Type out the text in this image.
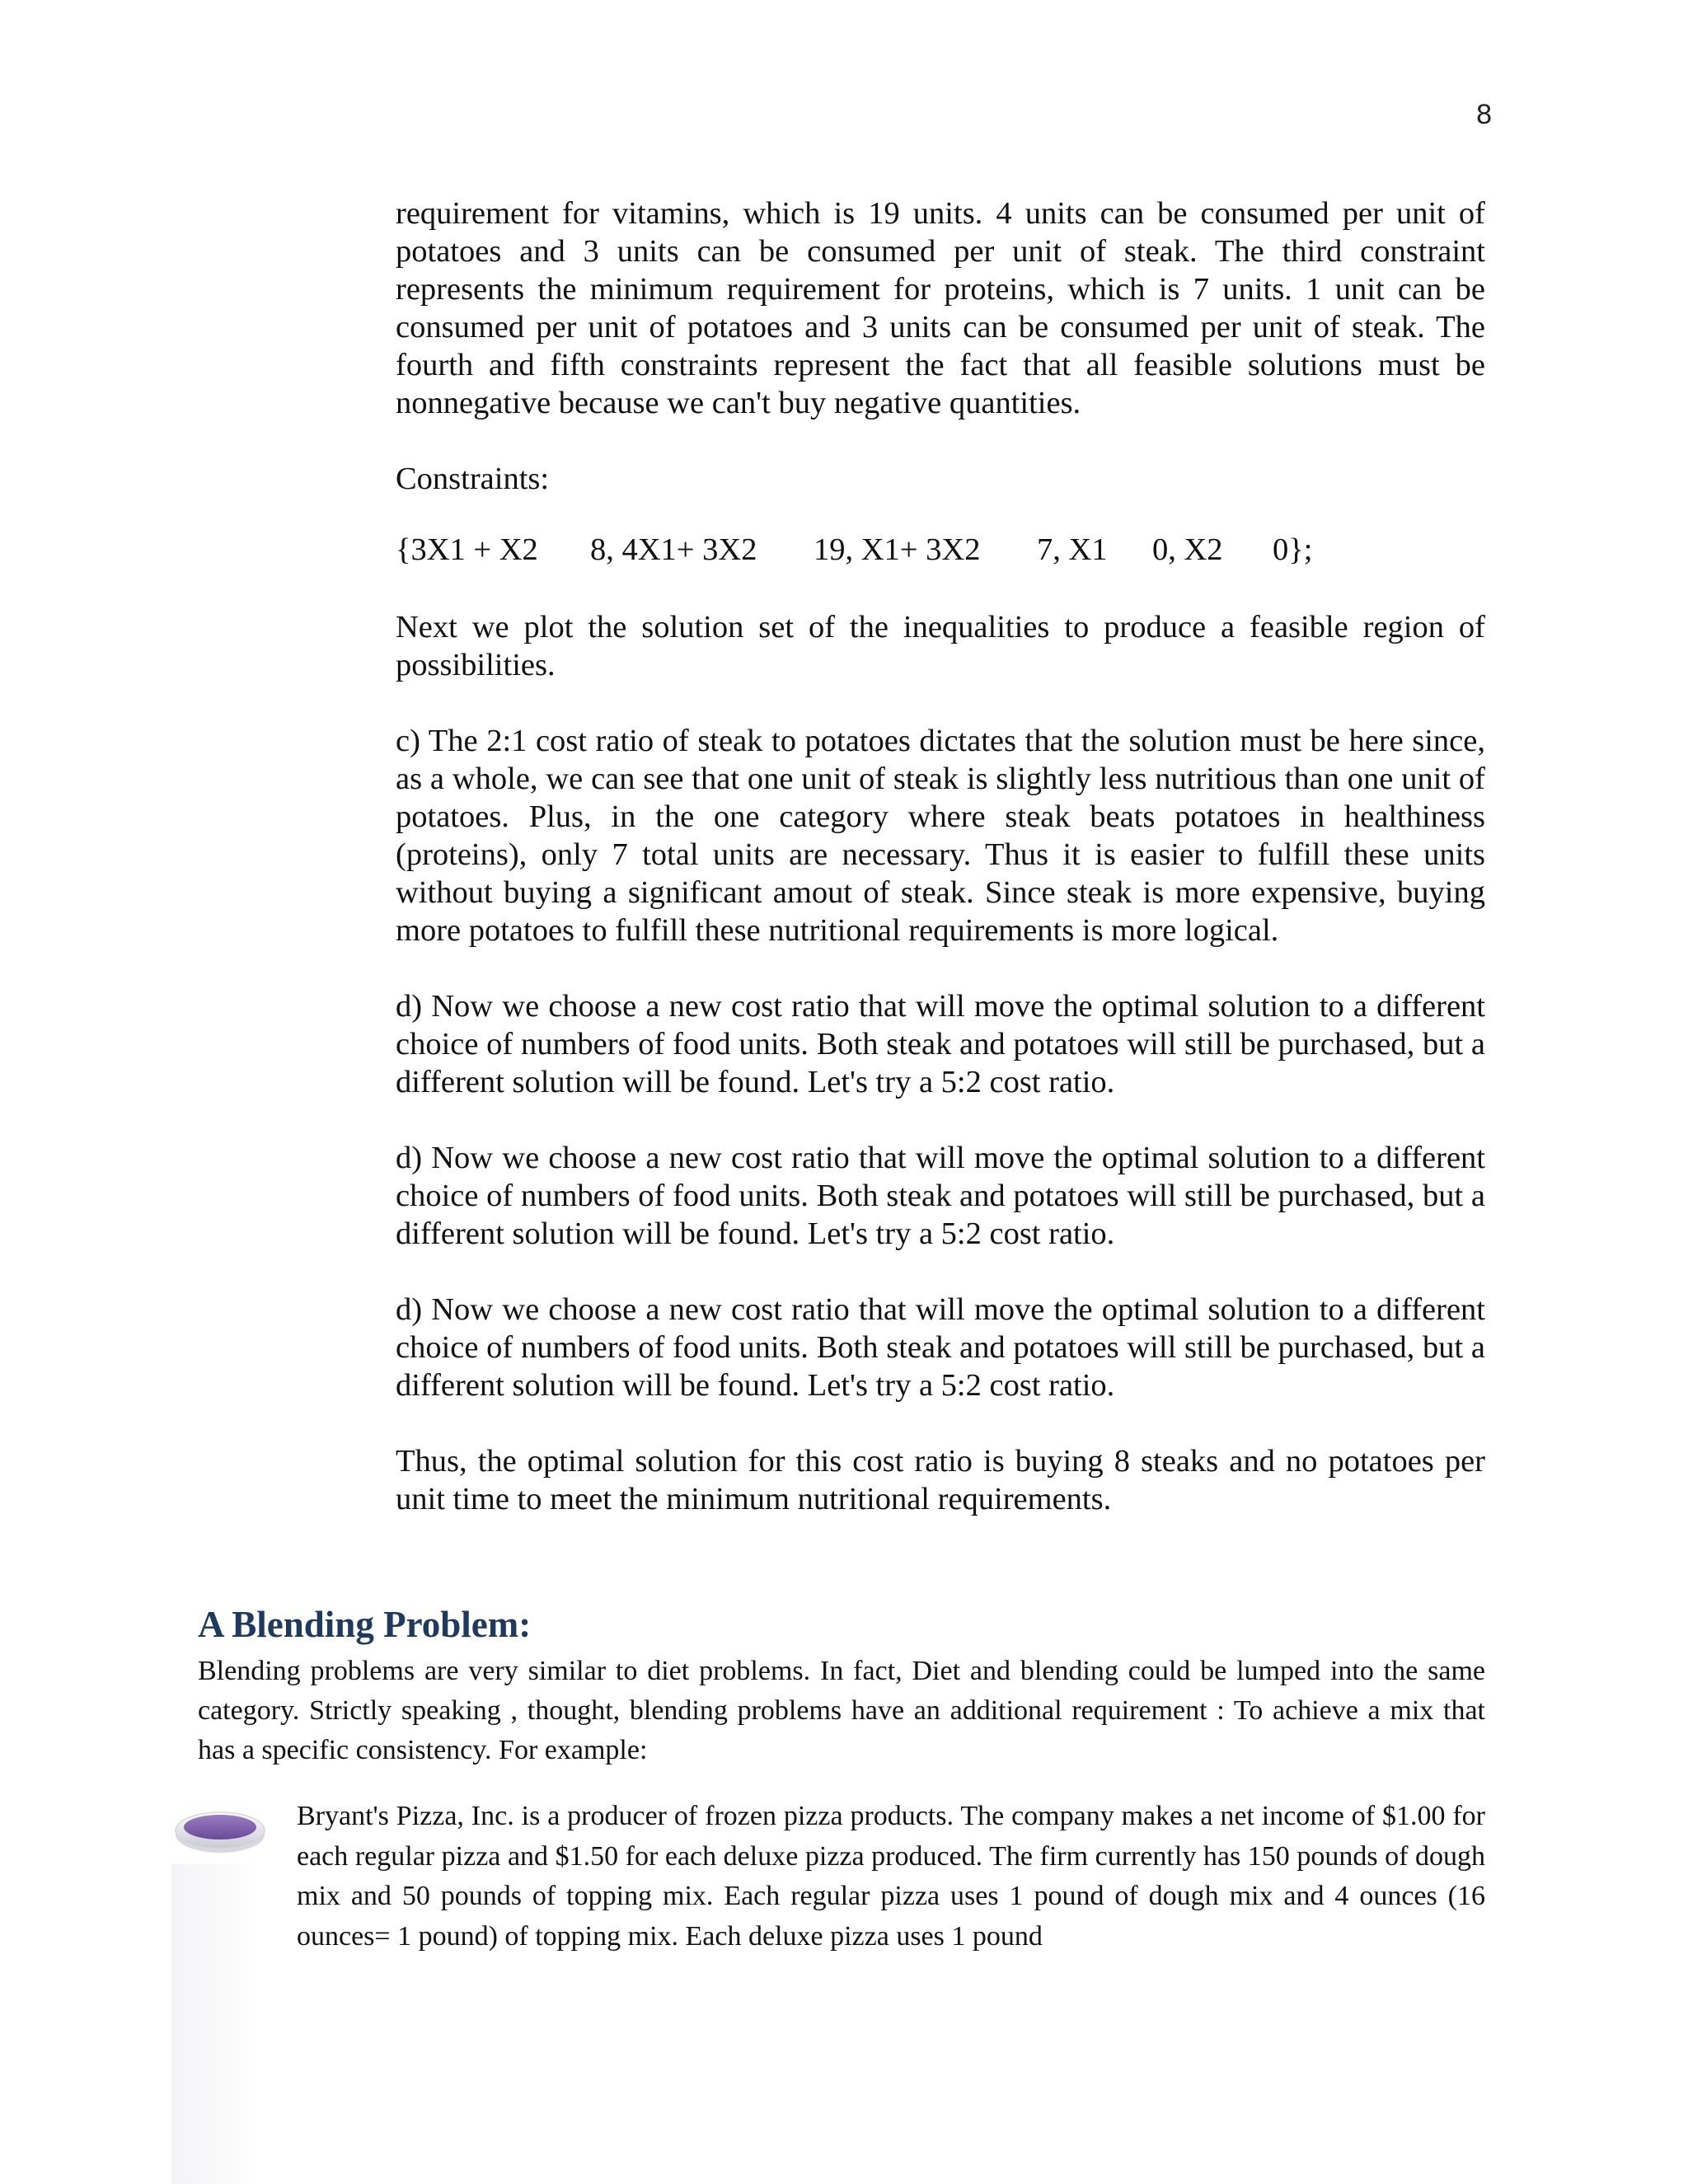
8

requirement for vitamins, which is 19 units. 4 units can be consumed per unit of potatoes and 3 units can be consumed per unit of steak. The third constraint represents the minimum requirement for proteins, which is 7 units. 1 unit can be consumed per unit of potatoes and 3 units can be consumed per unit of steak. The fourth and fifth constraints represent the fact that all feasible solutions must be nonnegative because we can't buy negative quantities.

Constraints:

{3X1 + X2 8, 4X1+ 3X2 19, X1+ 3X2 7, X1 0, X2 0};

Next we plot the solution set of the inequalities to produce a feasible region of possibilities.

c) The 2:1 cost ratio of steak to potatoes dictates that the solution must be here since, as a whole, we can see that one unit of steak is slightly less nutritious than one unit of potatoes. Plus, in the one category where steak beats potatoes in healthiness (proteins), only 7 total units are necessary. Thus it is easier to fulfill these units without buying a significant amout of steak. Since steak is more expensive, buying more potatoes to fulfill these nutritional requirements is more logical.

d) Now we choose a new cost ratio that will move the optimal solution to a different choice of numbers of food units. Both steak and potatoes will still be purchased, but a different solution will be found. Let's try a 5:2 cost ratio.

d) Now we choose a new cost ratio that will move the optimal solution to a different choice of numbers of food units. Both steak and potatoes will still be purchased, but a different solution will be found. Let's try a 5:2 cost ratio.

d) Now we choose a new cost ratio that will move the optimal solution to a different choice of numbers of food units. Both steak and potatoes will still be purchased, but a different solution will be found. Let's try a 5:2 cost ratio.

Thus, the optimal solution for this cost ratio is buying 8 steaks and no potatoes per unit time to meet the minimum nutritional requirements.

A Blending Problem:

Blending problems are very similar to diet problems. In fact, Diet and blending could be lumped into the same category. Strictly speaking , thought, blending problems have an additional requirement : To achieve a mix that has a specific consistency. For example:

Bryant's Pizza, Inc. is a producer of frozen pizza products. The company makes a net income of $1.00 for each regular pizza and $1.50 for each deluxe pizza produced. The firm currently has 150 pounds of dough mix and 50 pounds of topping mix. Each regular pizza uses 1 pound of dough mix and 4 ounces (16 ounces= 1 pound) of topping mix. Each deluxe pizza uses 1 pound
